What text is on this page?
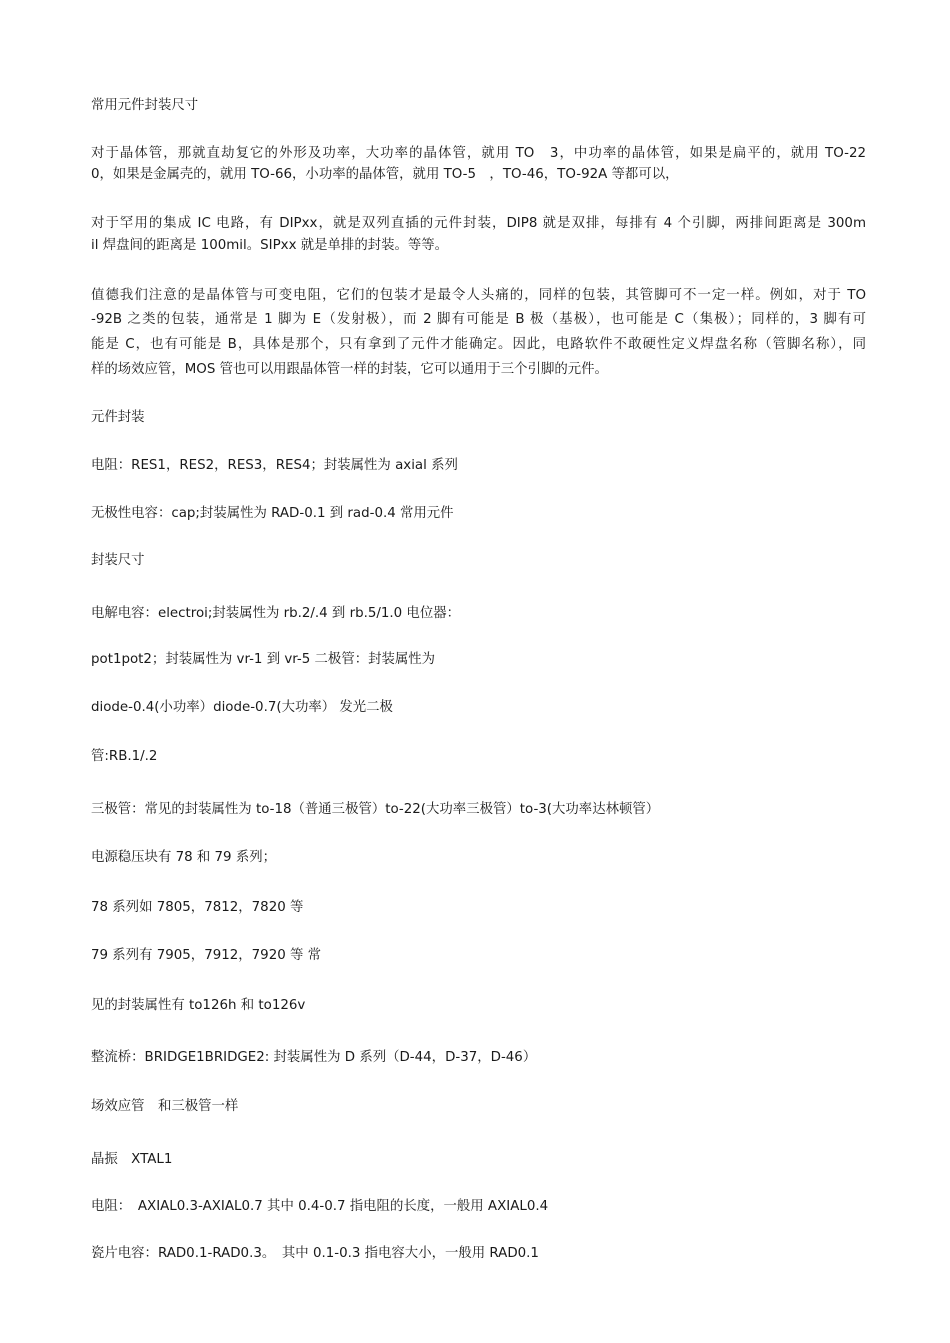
常用元件封装尺寸
对于晶体管，那就直劫复它的外形及功率，大功率的晶体管，就用 TO　3，中功率的晶体管，如果是扁平的，就用 TO-22
0，如果是金属壳的，就用 TO-66，小功率的晶体管，就用 TO-5　，TO-46，TO-92A 等都可以，
对于罕用的集成 IC 电路，有 DIPxx，就是双列直插的元件封装，DIP8 就是双排，每排有 4 个引脚，两排间距离是 300m
il 焊盘间的距离是 100mil。SIPxx 就是单排的封装。等等。
值德我们注意的是晶体管与可变电阻，它们的包装才是最令人头痛的，同样的包装，其管脚可不一定一样。例如，对于 TO
-92B 之类的包装，通常是 1 脚为 E（发射极），而 2 脚有可能是 B 极（基极），也可能是 C（集极）；同样的，3 脚有可
能是 C，也有可能是 B，具体是那个，只有拿到了元件才能确定。因此，电路软件不敢硬性定义焊盘名称（管脚名称），同
样的场效应管，MOS 管也可以用跟晶体管一样的封装，它可以通用于三个引脚的元件。
元件封装
电阻：RES1，RES2，RES3，RES4；封装属性为 axial 系列
无极性电容：cap;封装属性为 RAD-0.1 到 rad-0.4 常用元件
封装尺寸
电解电容：electroi;封装属性为 rb.2/.4 到 rb.5/1.0 电位器：
pot1pot2；封装属性为 vr-1 到 vr-5 二极管：封装属性为
diode-0.4(小功率）diode-0.7(大功率） 发光二极
管:RB.1/.2
三极管：常见的封装属性为 to-18（普通三极管）to-22(大功率三极管）to-3(大功率达林顿管）
电源稳压块有 78 和 79 系列；
78 系列如 7805，7812，7820 等
79 系列有 7905，7912，7920 等 常
见的封装属性有 to126h 和 to126v
整流桥：BRIDGE1BRIDGE2: 封装属性为 D 系列（D-44，D-37，D-46）
场效应管　和三极管一样
晶振　XTAL1
电阻：　AXIAL0.3-AXIAL0.7 其中 0.4-0.7 指电阻的长度，一般用 AXIAL0.4
瓷片电容：RAD0.1-RAD0.3。　其中 0.1-0.3 指电容大小，一般用 RAD0.1
